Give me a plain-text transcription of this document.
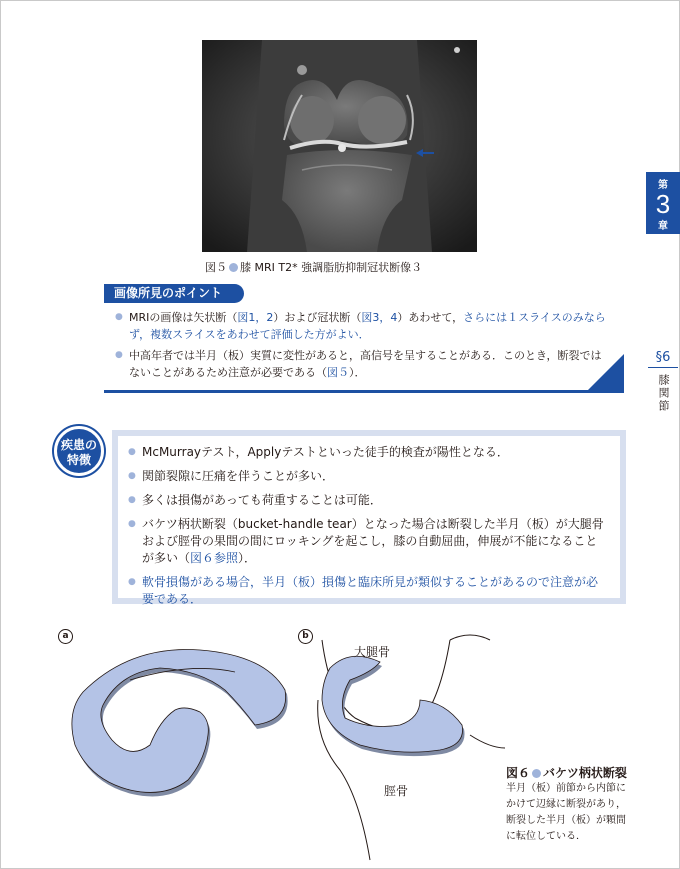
図５ 膝 MRI T2* 強調脂肪抑制冠状断像３
第
3
章
§6
膝関節
画像所見のポイント
● MRIの画像は矢状断（図1，2）および冠状断（図3，4）あわせて，さらには１スライスのみならず，複数スライスをあわせて評価した方がよい．
● 中高年者では半月（板）実質に変性があると，高信号を呈することがある．このとき，断裂ではないことがあるため注意が必要である（図５）．
疾患の
特徴
● McMurrayテスト，Applyテストといった徒手的検査が陽性となる．
● 関節裂隙に圧痛を伴うことが多い．
● 多くは損傷があっても荷重することは可能．
● バケツ柄状断裂（bucket-handle tear）となった場合は断裂した半月（板）が大腿骨および脛骨の果間の間にロッキングを起こし，膝の自動屈曲，伸展が不能になることが多い（図６参照）．
● 軟骨損傷がある場合，半月（板）損傷と臨床所見が類似することがあるので注意が必要である．
a	b
大腿骨
脛骨
図６ バケツ柄状断裂
半月（板）前節から内節にかけて辺縁に断裂があり，断裂した半月（板）が顆間に転位している．
